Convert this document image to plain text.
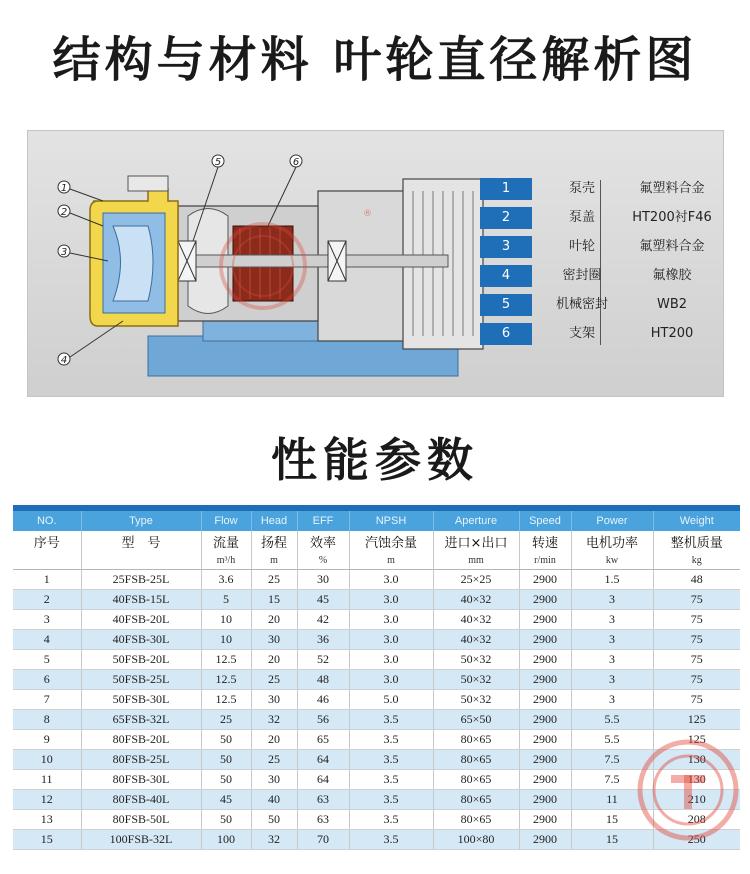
结构与材料 叶轮直径解析图
1
2
3
4
5	6
®
1	泵壳	氟塑料合金
2	泵盖	HT200衬F46
3	叶轮	氟塑料合金
4	密封圈	氟橡胶
5	机械密封	WB2
6	支架	HT200
性能参数
NO.	Type	Flow	Head	EFF	NPSH	Aperture	Speed	Power	Weight
序号	型　号	流量	扬程	效率	汽蚀余量	进口×出口	转速	电机功率	整机质量
		m³/h	m	%	m	mm	r/min	kw	kg
1	25FSB-25L	3.6	25	30	3.0	25×25	2900	1.5	48
2	40FSB-15L	5	15	45	3.0	40×32	2900	3	75
3	40FSB-20L	10	20	42	3.0	40×32	2900	3	75
4	40FSB-30L	10	30	36	3.0	40×32	2900	3	75
5	50FSB-20L	12.5	20	52	3.0	50×32	2900	3	75
6	50FSB-25L	12.5	25	48	3.0	50×32	2900	3	75
7	50FSB-30L	12.5	30	46	5.0	50×32	2900	3	75
8	65FSB-32L	25	32	56	3.5	65×50	2900	5.5	125
9	80FSB-20L	50	20	65	3.5	80×65	2900	5.5	125
10	80FSB-25L	50	25	64	3.5	80×65	2900	7.5	130
11	80FSB-30L	50	30	64	3.5	80×65	2900	7.5	130
12	80FSB-40L	45	40	63	3.5	80×65	2900	11	210
13	80FSB-50L	50	50	63	3.5	80×65	2900	15	208
15	100FSB-32L	100	32	70	3.5	100×80	2900	15	250
